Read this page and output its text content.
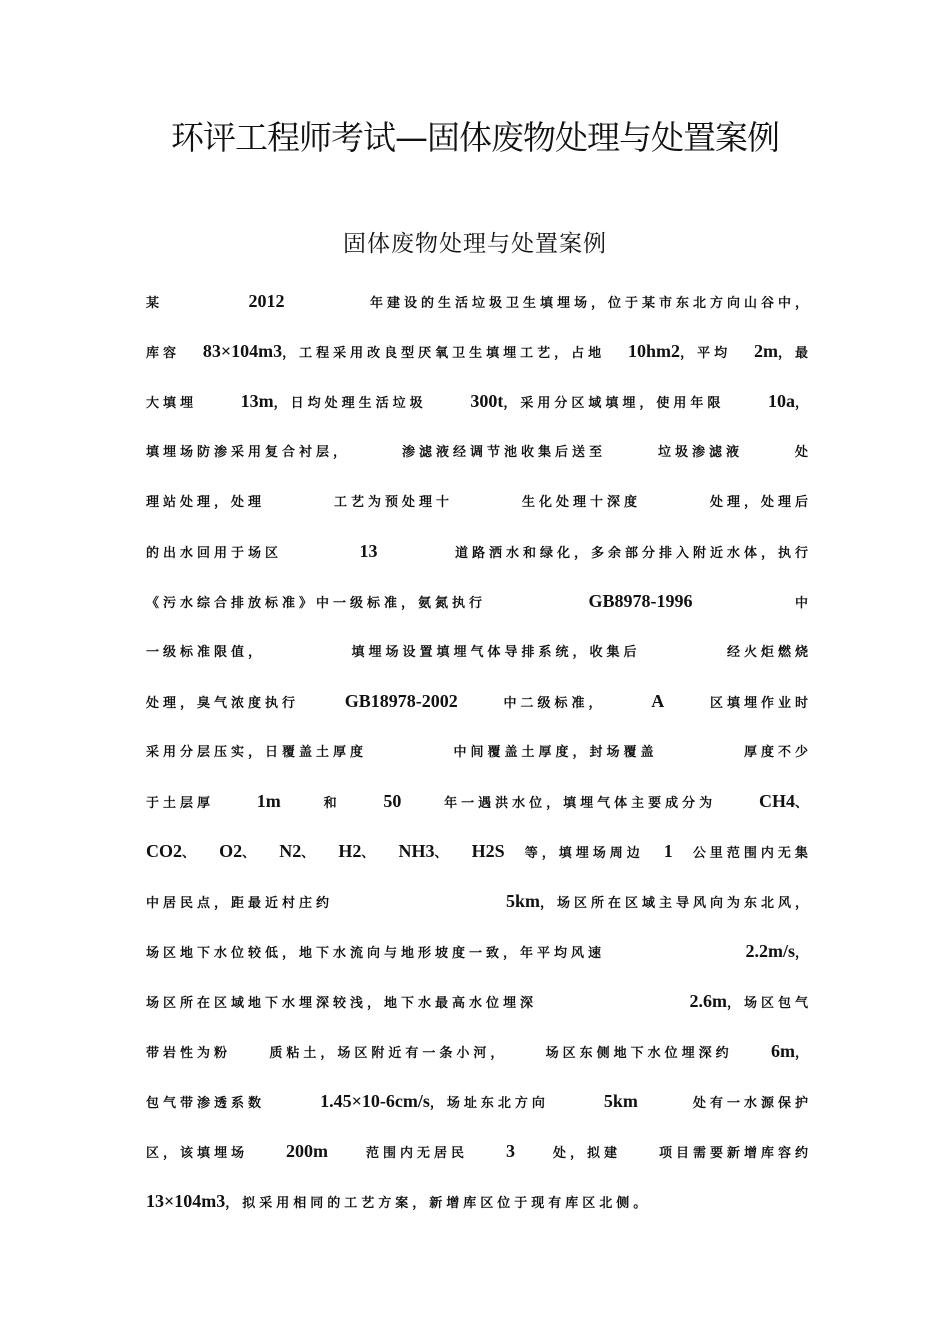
环评工程师考试—固体废物处理与处置案例
固体废物处理与处置案例
某	2012	年建设的生活垃圾卫生填埋场，位于某市东北方向山谷中，
库容 83×104m3，工程采用改良型厌氧卫生填埋工艺，占地 10hm2，平均 2m，最
大填埋 13m，日均处理生活垃圾 300t，采用分区域填埋，使用年限 10a，
填埋场防渗采用复合衬层，	渗滤液经调节池收集后送至	垃圾渗滤液	处
理站处理，处理	工艺为预处理十	生化处理十深度	处理，处理后
的出水回用于场区	13	道路洒水和绿化，多余部分排入附近水体，执行
《污水综合排放标准》中一级标准，氨氮执行	GB8978-1996	中
一级标准限值，	填埋场设置填埋气体导排系统，收集后	经火炬燃烧
处理，臭气浓度执行	GB18978-2002	中二级标准，	A	区填埋作业时
采用分层压实，日覆盖土厚度	中间覆盖土厚度，封场覆盖	厚度不少
于土层厚 1m	和 50	年一遇洪水位，填埋气体主要成分为 CH4、
CO2、 O2、 N2、 H2、 NH3、 H2S 等，填埋场周边 1 公里范围内无集
中居民点，距最近村庄约	5km，场区所在区域主导风向为东北风，
场区地下水位较低，地下水流向与地形坡度一致，年平均风速	2.2m/s，
场区所在区域地下水埋深较浅，地下水最高水位埋深	2.6m，场区包气
带岩性为粉	质粘土，场区附近有一条小河，	场区东侧地下水位埋深约 6m，
包气带渗透系数	1.45×10-6cm/s，场址东北方向	5km	处有一水源保护
区，该填埋场 200m	范围内无居民 3	处，拟建	项目需要新增库容约
13×104m3，拟采用相同的工艺方案，新增库区位于现有库区北侧。
